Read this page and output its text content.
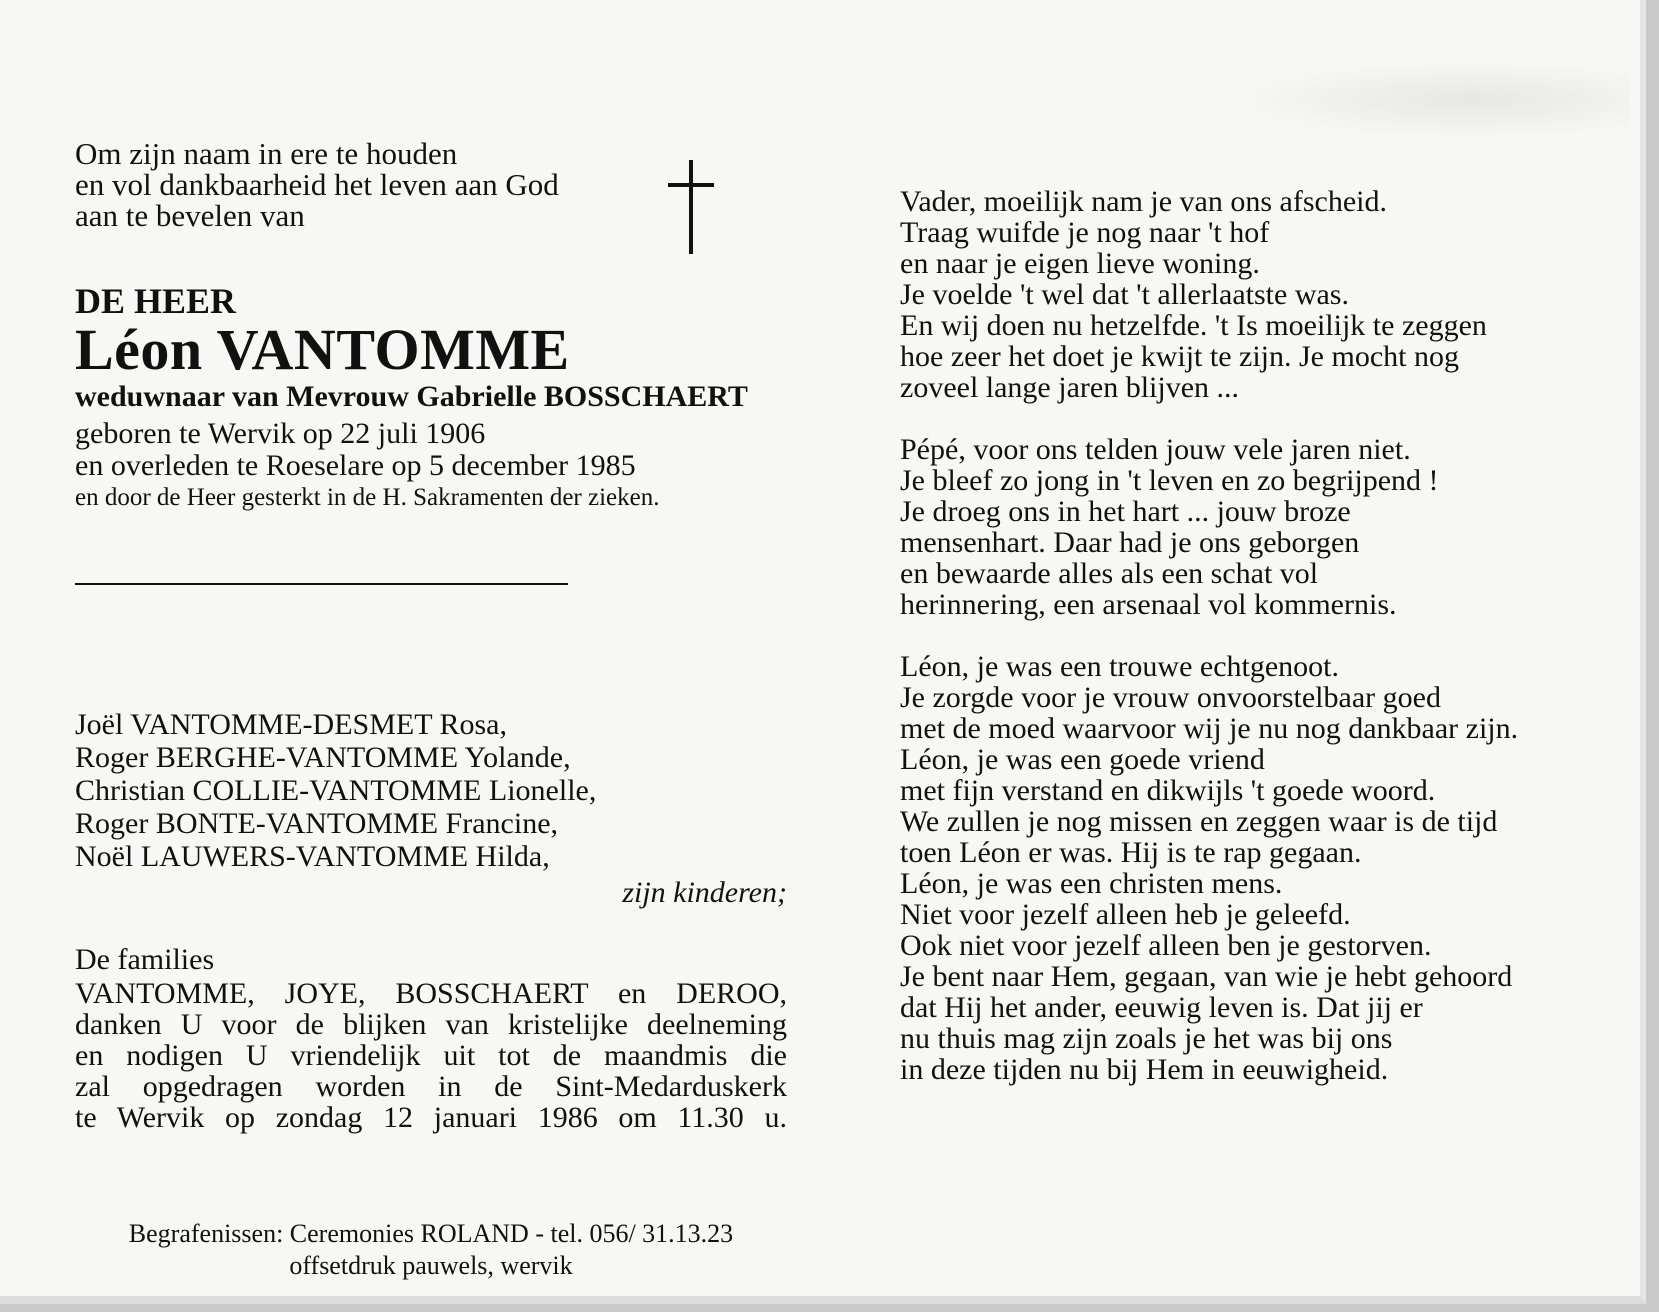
Om zijn naam in ere te houden
en vol dankbaarheid het leven aan God
aan te bevelen van
DE HEER
Léon VANTOMME
weduwnaar van Mevrouw Gabrielle BOSSCHAERT
geboren te Wervik op 22 juli 1906
en overleden te Roeselare op 5 december 1985
en door de Heer gesterkt in de H. Sakramenten der zieken.
Joël VANTOMME-DESMET Rosa,
Roger BERGHE-VANTOMME Yolande,
Christian COLLIE-VANTOMME Lionelle,
Roger BONTE-VANTOMME Francine,
Noël LAUWERS-VANTOMME Hilda,
zijn kinderen;
De families
VANTOMME, JOYE, BOSSCHAERT en DEROO,
danken U voor de blijken van kristelijke deelneming
en nodigen U vriendelijk uit tot de maandmis die
zal opgedragen worden in de Sint-Medarduskerk
te Wervik op zondag 12 januari 1986 om 11.30 u.
Begrafenissen: Ceremonies ROLAND - tel. 056/ 31.13.23
offsetdruk pauwels, wervik
Vader, moeilijk nam je van ons afscheid.
Traag wuifde je nog naar 't hof
en naar je eigen lieve woning.
Je voelde 't wel dat 't allerlaatste was.
En wij doen nu hetzelfde. 't Is moeilijk te zeggen
hoe zeer het doet je kwijt te zijn. Je mocht nog
zoveel lange jaren blijven ...
Pépé, voor ons telden jouw vele jaren niet.
Je bleef zo jong in 't leven en zo begrijpend !
Je droeg ons in het hart ... jouw broze
mensenhart. Daar had je ons geborgen
en bewaarde alles als een schat vol
herinnering, een arsenaal vol kommernis.
Léon, je was een trouwe echtgenoot.
Je zorgde voor je vrouw onvoorstelbaar goed
met de moed waarvoor wij je nu nog dankbaar zijn.
Léon, je was een goede vriend
met fijn verstand en dikwijls 't goede woord.
We zullen je nog missen en zeggen waar is de tijd
toen Léon er was. Hij is te rap gegaan.
Léon, je was een christen mens.
Niet voor jezelf alleen heb je geleefd.
Ook niet voor jezelf alleen ben je gestorven.
Je bent naar Hem, gegaan, van wie je hebt gehoord
dat Hij het ander, eeuwig leven is. Dat jij er
nu thuis mag zijn zoals je het was bij ons
in deze tijden nu bij Hem in eeuwigheid.
